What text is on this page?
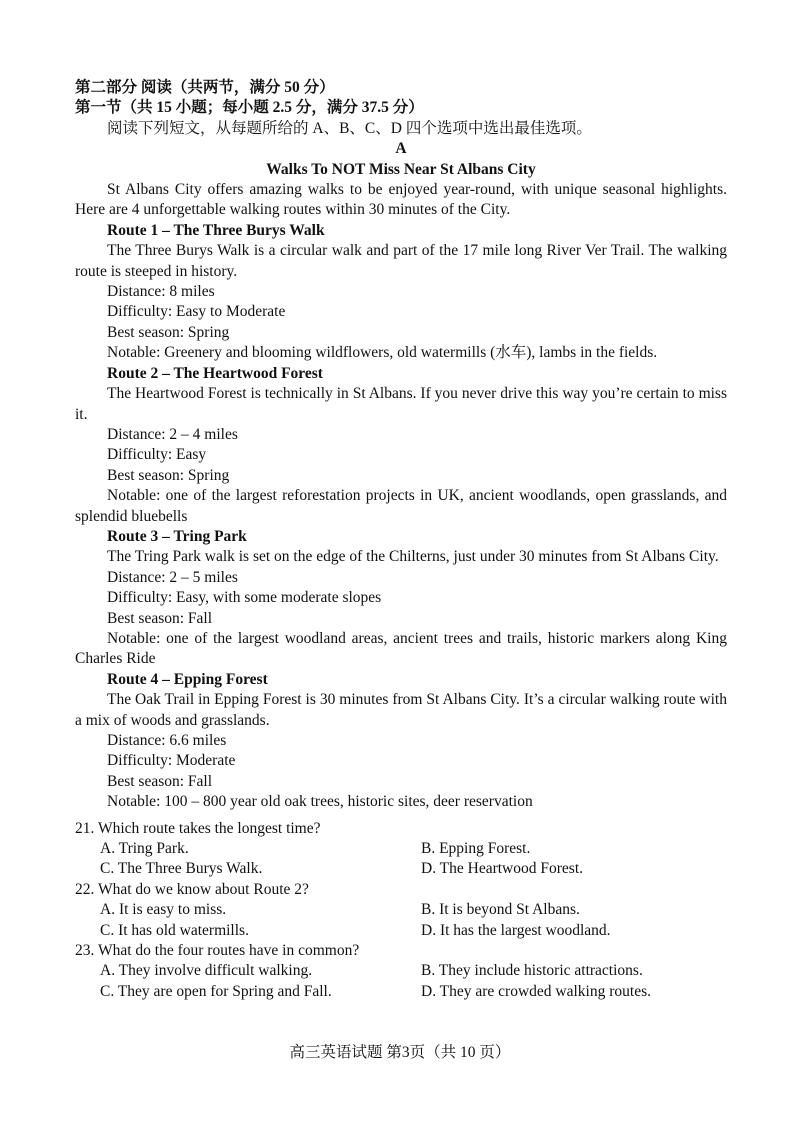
第二部分 阅读（共两节，满分 50 分）
第一节（共 15 小题；每小题 2.5 分，满分 37.5 分）

阅读下列短文，从每题所给的 A、B、C、D 四个选项中选出最佳选项。

A

Walks To NOT Miss Near St Albans City

St Albans City offers amazing walks to be enjoyed year-round, with unique seasonal highlights. Here are 4 unforgettable walking routes within 30 minutes of the City.

Route 1 – The Three Burys Walk

The Three Burys Walk is a circular walk and part of the 17 mile long River Ver Trail. The walking route is steeped in history.

Distance: 8 miles

Difficulty: Easy to Moderate

Best season: Spring

Notable: Greenery and blooming wildflowers, old watermills (水车), lambs in the fields.

Route 2 – The Heartwood Forest

The Heartwood Forest is technically in St Albans. If you never drive this way you’re certain to miss it.

Distance: 2 – 4 miles

Difficulty: Easy

Best season: Spring

Notable: one of the largest reforestation projects in UK, ancient woodlands, open grasslands, and splendid bluebells

Route 3 – Tring Park

The Tring Park walk is set on the edge of the Chilterns, just under 30 minutes from St Albans City.

Distance: 2 – 5 miles

Difficulty: Easy, with some moderate slopes

Best season: Fall

Notable: one of the largest woodland areas, ancient trees and trails, historic markers along King Charles Ride

Route 4 – Epping Forest

The Oak Trail in Epping Forest is 30 minutes from St Albans City. It’s a circular walking route with a mix of woods and grasslands.

Distance: 6.6 miles

Difficulty: Moderate

Best season: Fall

Notable: 100 – 800 year old oak trees, historic sites, deer reservation

21. Which route takes the longest time?
A. Tring Park.	B. Epping Forest.
C. The Three Burys Walk.	D. The Heartwood Forest.
22. What do we know about Route 2?
A. It is easy to miss.	B. It is beyond St Albans.
C. It has old watermills.	D. It has the largest woodland.
23. What do the four routes have in common?
A. They involve difficult walking.	B. They include historic attractions.
C. They are open for Spring and Fall.	D. They are crowded walking routes.
高三英语试题 第3页（共 10 页）
